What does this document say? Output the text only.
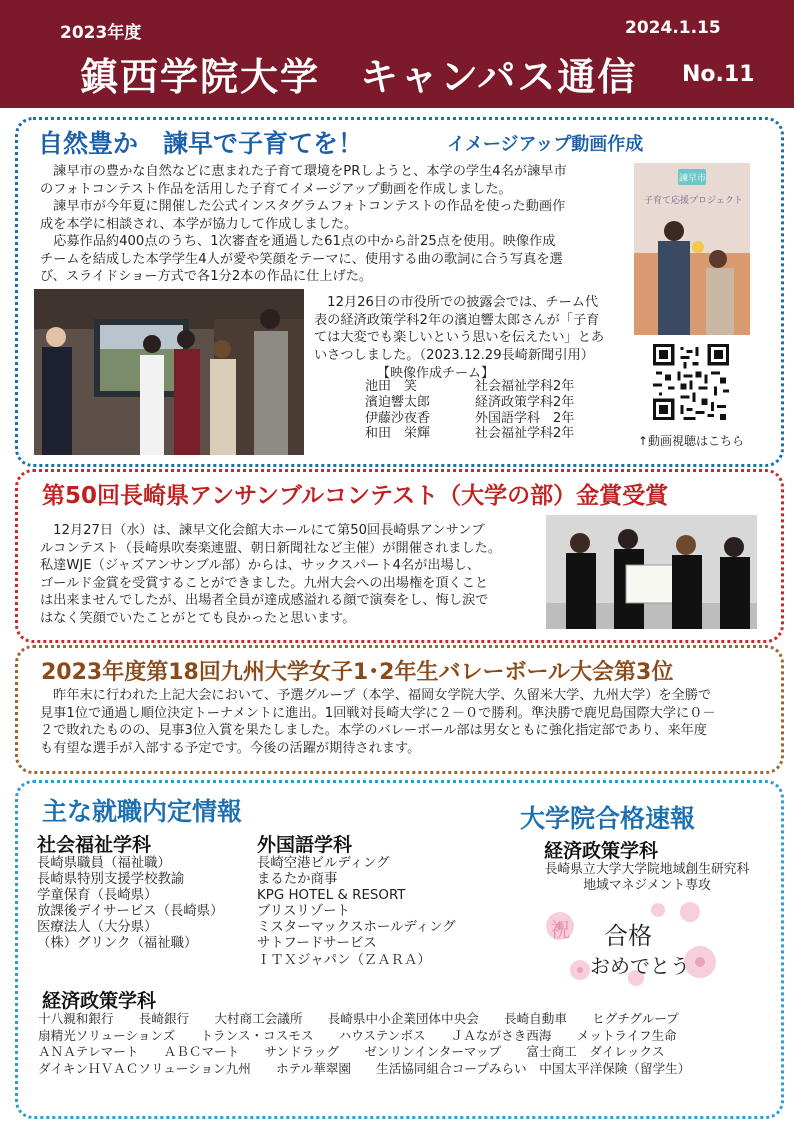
2023年度	2024.1.15
鎮西学院大学　キャンパス通信 No.11
自然豊か　諫早で子育てを！	イメージアップ動画作成
　諫早市の豊かな自然などに恵まれた子育て環境をPRしようと、本学の学生4名が諫早市
のフォトコンテスト作品を活用した子育てイメージアップ動画を作成しました。
　諫早市が今年夏に開催した公式インスタグラムフォトコンテストの作品を使った動画作
成を本学に相談され、本学が協力して作成しました。
　応募作品約400点のうち、1次審査を通過した61点の中から計25点を使用。映像作成
チームを結成した本学学生4人が愛や笑顔をテーマに、使用する曲の歌詞に合う写真を選
び、スライドショー方式で各1分2本の作品に仕上げた。
　12月26日の市役所での披露会では、チーム代
表の経済政策学科2年の濱迫響太郎さんが「子育
ては大変でも楽しいという思いを伝えたい」とあ
いさつしました。（2023.12.29長崎新聞引用）
【映像作成チーム】
池田　笑	社会福祉学科2年
濱迫響太郎	経済政策学科2年
伊藤沙夜香	外国語学科　2年
和田　栄輝	社会福祉学科2年
諫早市
子育て応援プロジェクト
↑動画視聴はこちら
第50回長崎県アンサンブルコンテスト（大学の部）金賞受賞
　12月27日（水）は、諫早文化会館大ホールにて第50回長崎県アンサンブ
ルコンテスト（長崎県吹奏楽連盟、朝日新聞社など主催）が開催されました。
私達WJE（ジャズアンサンブル部）からは、サックスパート4名が出場し、
ゴールド金賞を受賞することができました。九州大会への出場権を頂くこと
は出来ませんでしたが、出場者全員が達成感溢れる顔で演奏をし、悔し涙で
はなく笑顔でいたことがとても良かったと思います。
2023年度第18回九州大学女子1･2年生バレーボール大会第3位
　昨年末に行われた上記大会において、予選グループ（本学、福岡女学院大学、久留米大学、九州大学）を全勝で
見事1位で通過し順位決定トーナメントに進出。1回戦対長崎大学に２－０で勝利。準決勝で鹿児島国際大学に０－
２で敗れたものの、見事3位入賞を果たしました。本学のバレーボール部は男女ともに強化指定部であり、来年度
も有望な選手が入部する予定です。今後の活躍が期待されます。
主な就職内定情報
社会福祉学科
長崎県職員（福祉職）
長崎県特別支援学校教諭
学童保育（長崎県）
放課後デイサービス（長崎県）
医療法人（大分県）
（株）グリンク（福祉職）
外国語学科
長崎空港ビルディング
まるたか商事
KPG HOTEL & RESORT
ブリスリゾート
ミスターマックスホールディング
サトフードサービス
ＩＴＸジャパン（ＺＡＲＡ）
経済政策学科
十八親和銀行　　長崎銀行　　大村商工会議所　　長崎県中小企業団体中央会　　長崎自動車　　ヒグチグループ
扇精光ソリューションズ　　トランス・コスモス　　ハウステンボス　　ＪＡながさき西海　　メットライフ生命
ＡＮＡテレマート　　ＡＢＣマート　　サンドラッグ　　ゼンリンインターマップ　　富士商工　ダイレックス
ダイキンＨＶＡＣソリューション九州　　ホテル華翠園　　生活協同組合コープみらい　中国太平洋保険（留学生）
大学院合格速報
経済政策学科
長崎県立大学大学院地域創生研究科
地域マネジメント専攻
祝 合格
おめでとう
